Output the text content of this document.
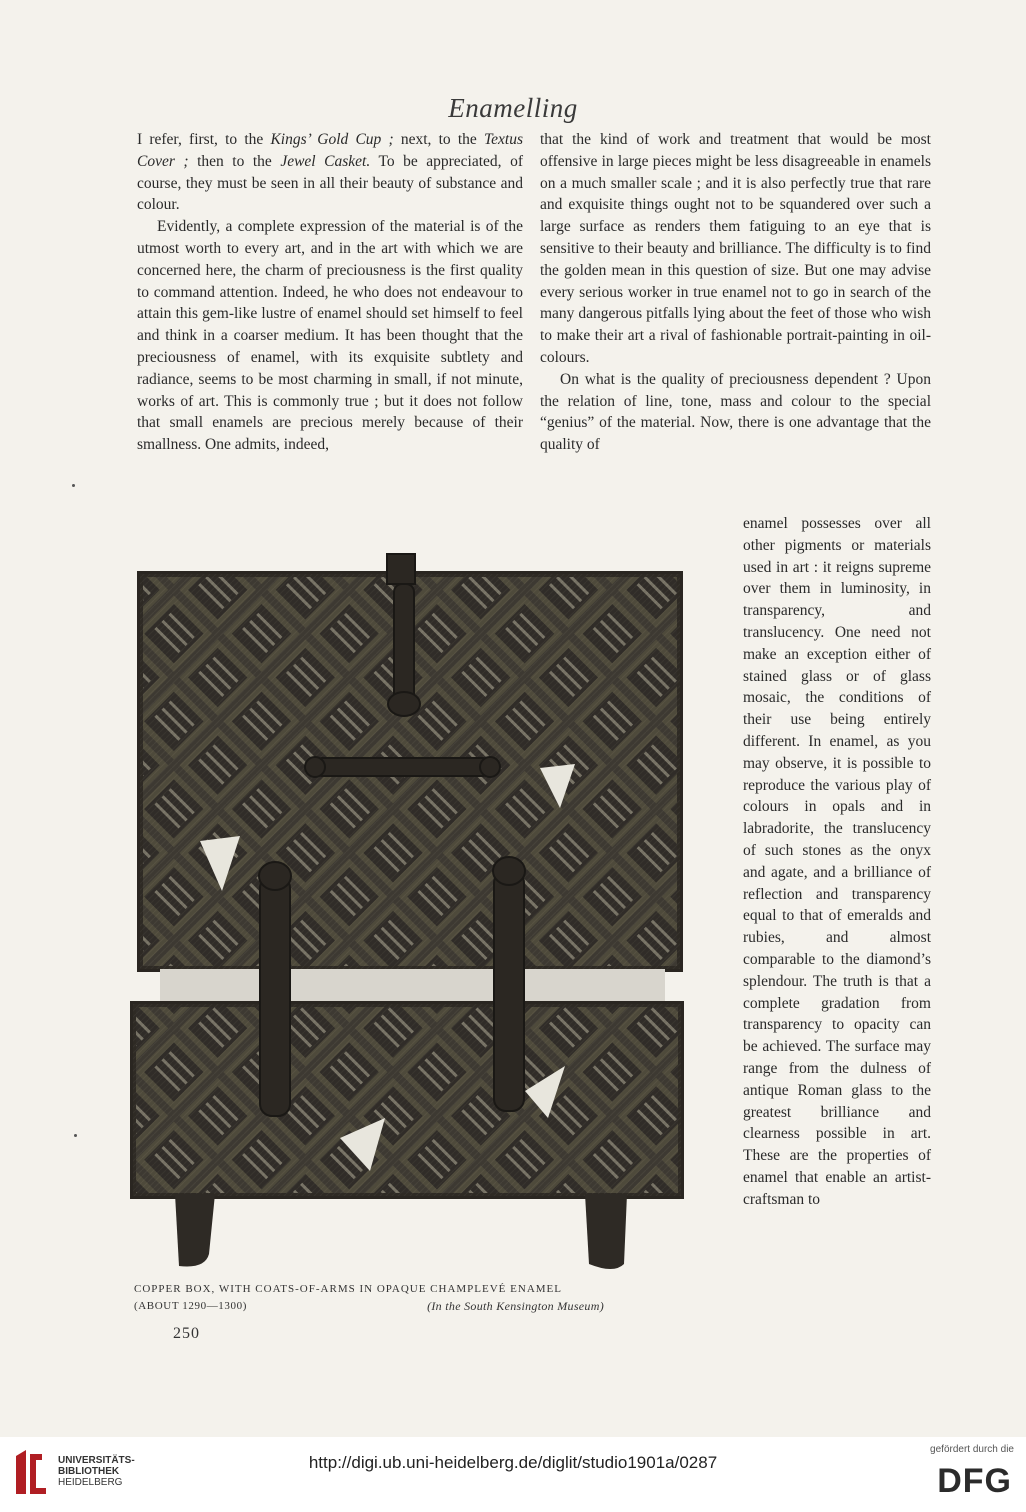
Enamelling

I refer, first, to the Kings’ Gold Cup ; next, to the Textus Cover ; then to the Jewel Casket. To be appreciated, of course, they must be seen in all their beauty of substance and colour.

Evidently, a complete expression of the material is of the utmost worth to every art, and in the art with which we are concerned here, the charm of preciousness is the first quality to command attention. Indeed, he who does not endeavour to attain this gem-like lustre of enamel should set himself to feel and think in a coarser medium. It has been thought that the preciousness of enamel, with its exquisite subtlety and radiance, seems to be most charming in small, if not minute, works of art. This is commonly true ; but it does not follow that small enamels are precious merely because of their smallness. One admits, indeed,

that the kind of work and treatment that would be most offensive in large pieces might be less disagreeable in enamels on a much smaller scale ; and it is also perfectly true that rare and exquisite things ought not to be squandered over such a large surface as renders them fatiguing to an eye that is sensitive to their beauty and brilliance. The difficulty is to find the golden mean in this question of size. But one may advise every serious worker in true enamel not to go in search of the many dangerous pitfalls lying about the feet of those who wish to make their art a rival of fashionable portrait-painting in oil-colours.

On what is the quality of preciousness dependent ? Upon the relation of line, tone, mass and colour to the special “genius” of the material. Now, there is one advantage that the quality of

enamel possesses over all other pigments or materials used in art : it reigns supreme over them in luminosity, in transparency, and translucency. One need not make an exception either of stained glass or of glass mosaic, the conditions of their use being entirely different. In enamel, as you may observe, it is possible to reproduce the various play of colours in opals and in labradorite, the translucency of such stones as the onyx and agate, and a brilliance of reflection and transparency equal to that of emeralds and rubies, and almost comparable to the diamond’s splendour. The truth is that a complete gradation from transparency to opacity can be achieved. The surface may range from the dulness of antique Roman glass to the greatest brilliance and clearness possible in art. These are the properties of enamel that enable an artist-craftsman to

COPPER BOX, WITH COATS-OF-ARMS IN OPAQUE CHAMPLEVÉ ENAMEL
(ABOUT 1290—1300)	(In the South Kensington Museum)
250
UNIVERSITÄTS-
BIBLIOTHEK
HEIDELBERG
http://digi.ub.uni-heidelberg.de/diglit/studio1901a/0287
gefördert durch die
DFG
